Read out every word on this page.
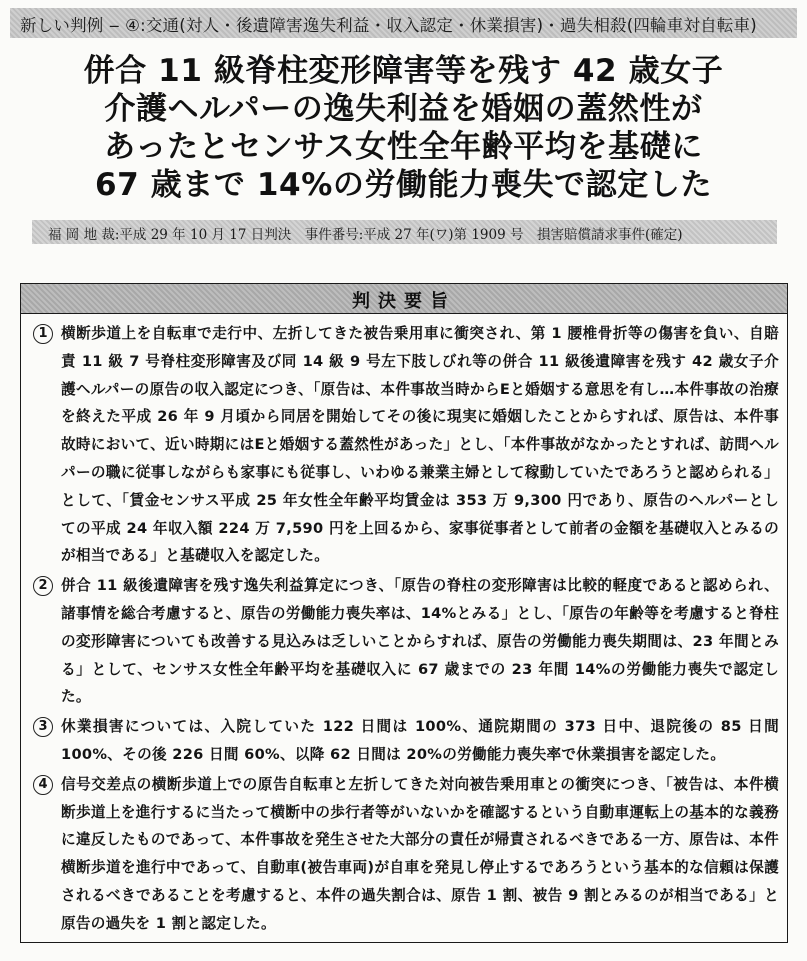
新しい判例 ‒ ④:交通(対人・後遺障害逸失利益・収入認定・休業損害)・過失相殺(四輪車対自転車)
併合 11 級脊柱変形障害等を残す 42 歳女子
介護ヘルパーの逸失利益を婚姻の蓋然性が
あったとセンサス女性全年齢平均を基礎に
67 歳まで 14%の労働能力喪失で認定した
福 岡 地 裁:平成 29 年 10 月 17 日判決　事件番号:平成 27 年(ワ)第 1909 号　損害賠償請求事件(確定)
判決要旨
1 横断歩道上を自転車で走行中、左折してきた被告乗用車に衝突され、第 1 腰椎骨折等の傷害を負い、自賠責 11 級 7 号脊柱変形障害及び同 14 級 9 号左下肢しびれ等の併合 11 級後遺障害を残す 42 歳女子介護ヘルパーの原告の収入認定につき、「原告は、本件事故当時からEと婚姻する意思を有し…本件事故の治療を終えた平成 26 年 9 月頃から同居を開始してその後に現実に婚姻したことからすれば、原告は、本件事故時において、近い時期にはEと婚姻する蓋然性があった」とし、「本件事故がなかったとすれば、訪問ヘルパーの職に従事しながらも家事にも従事し、いわゆる兼業主婦として稼動していたであろうと認められる」として、「賃金センサス平成 25 年女性全年齢平均賃金は 353 万 9,300 円であり、原告のヘルパーとしての平成 24 年収入額 224 万 7,590 円を上回るから、家事従事者として前者の金額を基礎収入とみるのが相当である」と基礎収入を認定した。
2 併合 11 級後遺障害を残す逸失利益算定につき、「原告の脊柱の変形障害は比較的軽度であると認められ、諸事情を総合考慮すると、原告の労働能力喪失率は、14%とみる」とし、「原告の年齢等を考慮すると脊柱の変形障害についても改善する見込みは乏しいことからすれば、原告の労働能力喪失期間は、23 年間とみる」として、センサス女性全年齢平均を基礎収入に 67 歳までの 23 年間 14%の労働能力喪失で認定した。
3 休業損害については、入院していた 122 日間は 100%、通院期間の 373 日中、退院後の 85 日間 100%、その後 226 日間 60%、以降 62 日間は 20%の労働能力喪失率で休業損害を認定した。
4 信号交差点の横断歩道上での原告自転車と左折してきた対向被告乗用車との衝突につき、「被告は、本件横断歩道上を進行するに当たって横断中の歩行者等がいないかを確認するという自動車運転上の基本的な義務に違反したものであって、本件事故を発生させた大部分の責任が帰責されるべきである一方、原告は、本件横断歩道を進行中であって、自動車(被告車両)が自車を発見し停止するであろうという基本的な信頼は保護されるべきであることを考慮すると、本件の過失割合は、原告 1 割、被告 9 割とみるのが相当である」と原告の過失を 1 割と認定した。
